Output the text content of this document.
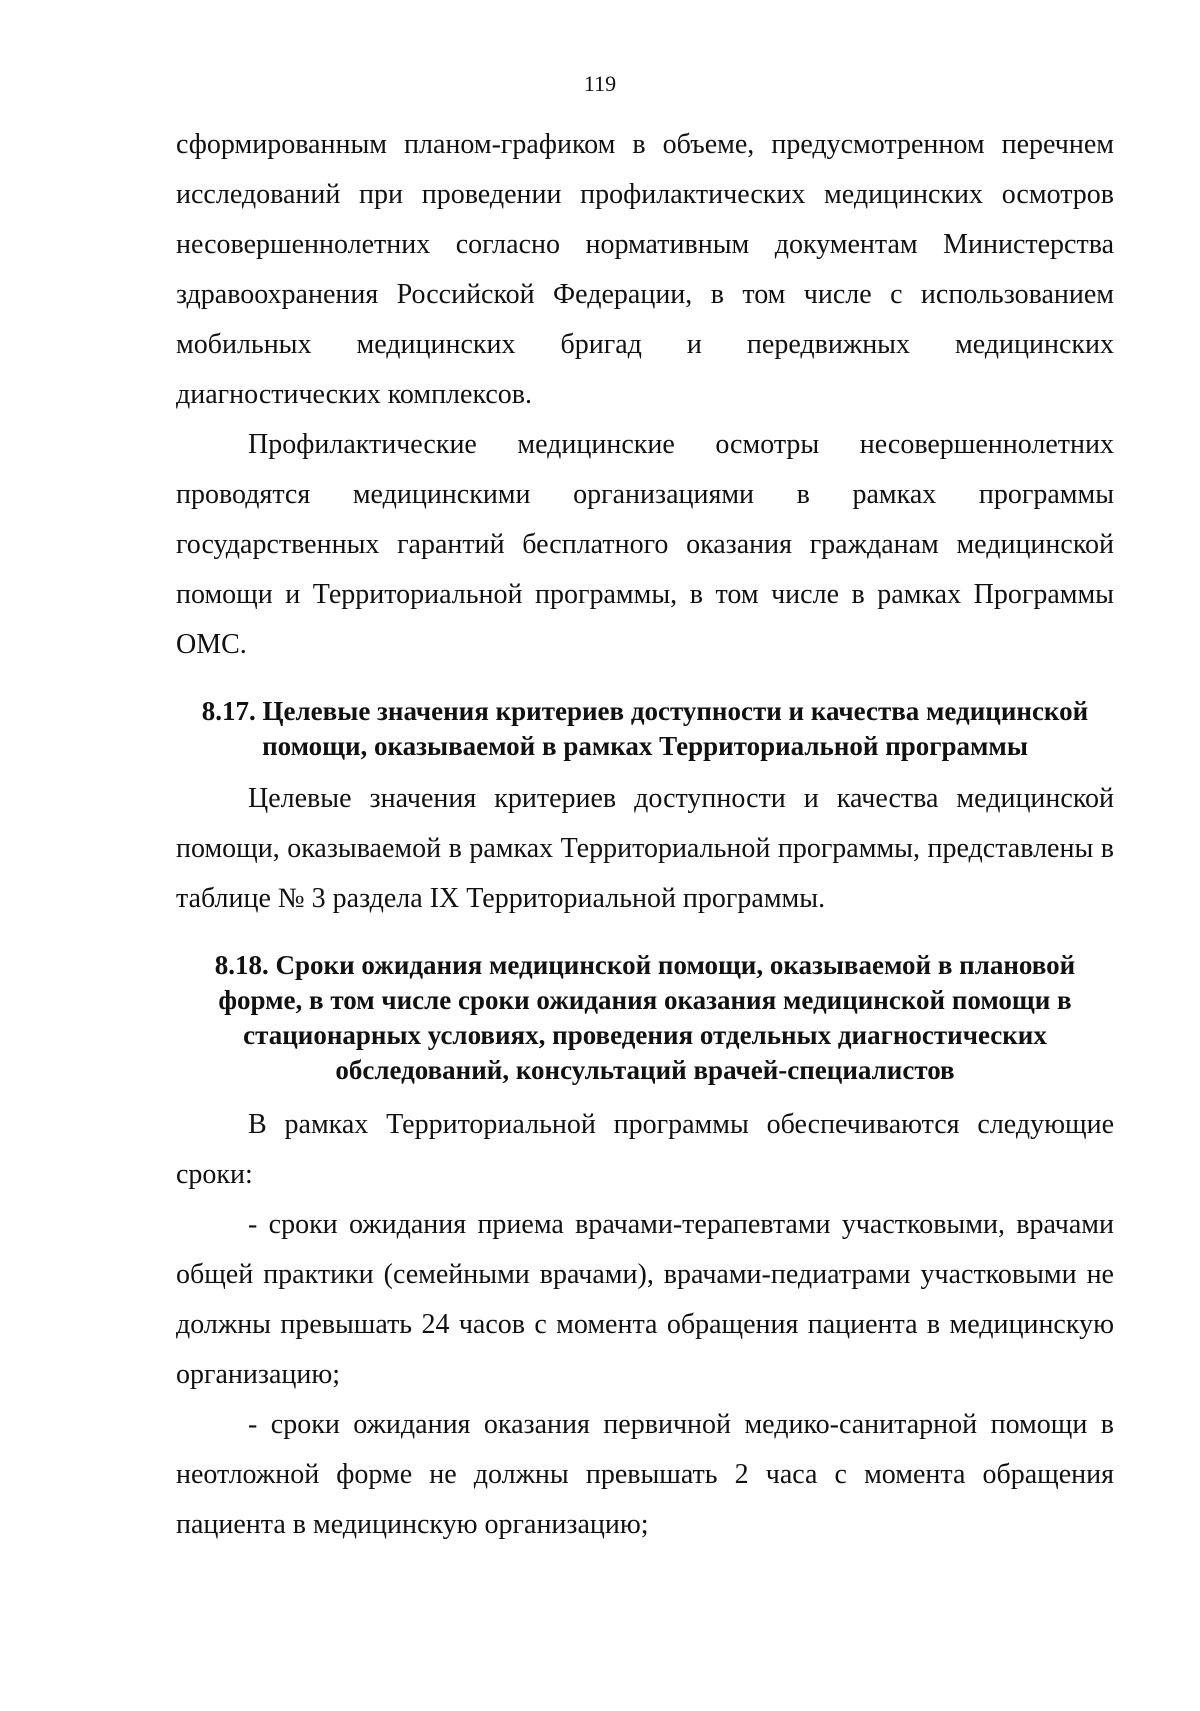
119

сформированным планом-графиком в объеме, предусмотренном перечнем исследований при проведении профилактических медицинских осмотров несовершеннолетних согласно нормативным документам Министерства здравоохранения Российской Федерации, в том числе с использованием мобильных медицинских бригад и передвижных медицинских диагностических комплексов.

Профилактические медицинские осмотры несовершеннолетних проводятся медицинскими организациями в рамках программы государственных гарантий бесплатного оказания гражданам медицинской помощи и Территориальной программы, в том числе в рамках Программы ОМС.

8.17. Целевые значения критериев доступности и качества медицинской помощи, оказываемой в рамках Территориальной программы

Целевые значения критериев доступности и качества медицинской помощи, оказываемой в рамках Территориальной программы, представлены в таблице № 3 раздела IX Территориальной программы.

8.18. Сроки ожидания медицинской помощи, оказываемой в плановой форме, в том числе сроки ожидания оказания медицинской помощи в стационарных условиях, проведения отдельных диагностических обследований, консультаций врачей-специалистов

В рамках Территориальной программы обеспечиваются следующие сроки:

- сроки ожидания приема врачами-терапевтами участковыми, врачами общей практики (семейными врачами), врачами-педиатрами участковыми не должны превышать 24 часов с момента обращения пациента в медицинскую организацию;

- сроки ожидания оказания первичной медико-санитарной помощи в неотложной форме не должны превышать 2 часа с момента обращения пациента в медицинскую организацию;
